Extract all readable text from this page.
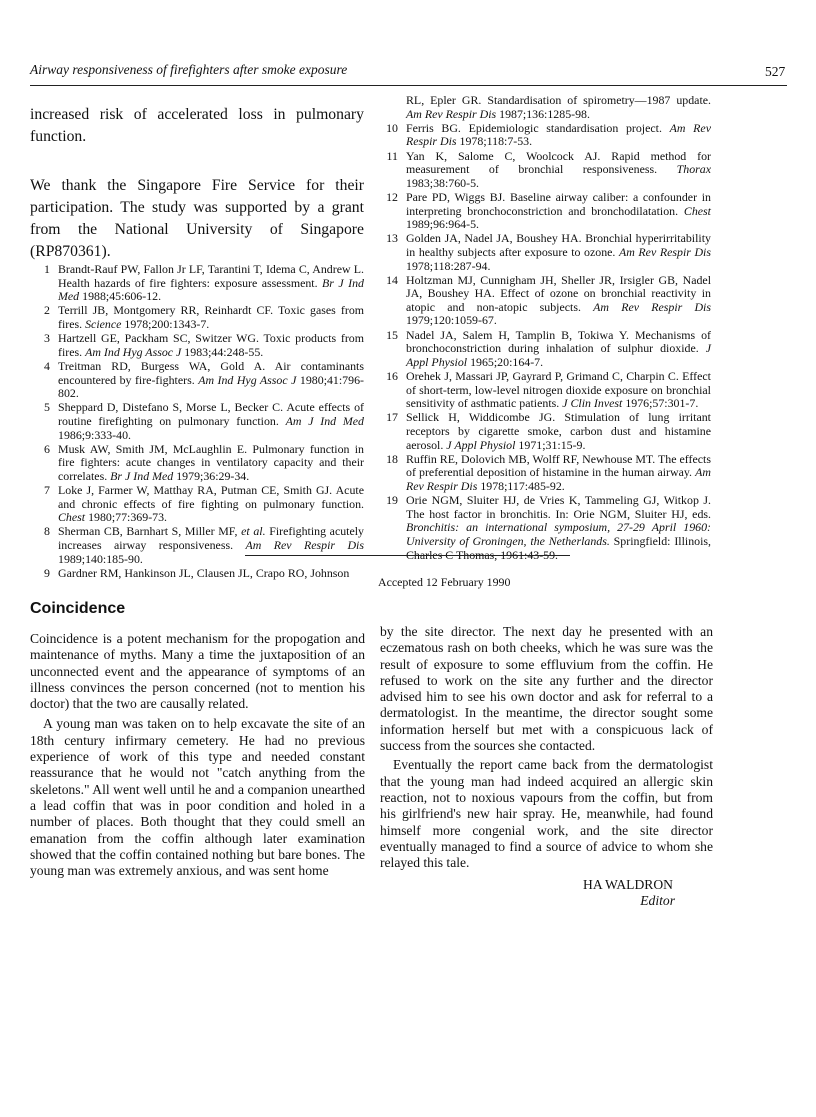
Airway responsiveness of firefighters after smoke exposure	527

increased risk of accelerated loss in pulmonary function.

We thank the Singapore Fire Service for their participation. The study was supported by a grant from the National University of Singapore (RP870361).

1 Brandt-Rauf PW, Fallon Jr LF, Tarantini T, Idema C, Andrew L. Health hazards of fire fighters: exposure assessment. Br J Ind Med 1988;45:606-12.
2 Terrill JB, Montgomery RR, Reinhardt CF. Toxic gases from fires. Science 1978;200:1343-7.
3 Hartzell GE, Packham SC, Switzer WG. Toxic products from fires. Am Ind Hyg Assoc J 1983;44:248-55.
4 Treitman RD, Burgess WA, Gold A. Air contaminants encountered by fire-fighters. Am Ind Hyg Assoc J 1980;41:796-802.
5 Sheppard D, Distefano S, Morse L, Becker C. Acute effects of routine firefighting on pulmonary function. Am J Ind Med 1986;9:333-40.
6 Musk AW, Smith JM, McLaughlin E. Pulmonary function in fire fighters: acute changes in ventilatory capacity and their correlates. Br J Ind Med 1979;36:29-34.
7 Loke J, Farmer W, Matthay RA, Putman CE, Smith GJ. Acute and chronic effects of fire fighting on pulmonary function. Chest 1980;77:369-73.
8 Sherman CB, Barnhart S, Miller MF, et al. Firefighting acutely increases airway responsiveness. Am Rev Respir Dis 1989;140:185-90.
9 Gardner RM, Hankinson JL, Clausen JL, Crapo RO, Johnson
RL, Epler GR. Standardisation of spirometry—1987 update. Am Rev Respir Dis 1987;136:1285-98.
10 Ferris BG. Epidemiologic standardisation project. Am Rev Respir Dis 1978;118:7-53.
11 Yan K, Salome C, Woolcock AJ. Rapid method for measurement of bronchial responsiveness. Thorax 1983;38:760-5.
12 Pare PD, Wiggs BJ. Baseline airway caliber: a confounder in interpreting bronchoconstriction and bronchodilatation. Chest 1989;96:964-5.
13 Golden JA, Nadel JA, Boushey HA. Bronchial hyperirritability in healthy subjects after exposure to ozone. Am Rev Respir Dis 1978;118:287-94.
14 Holtzman MJ, Cunnigham JH, Sheller JR, Irsigler GB, Nadel JA, Boushey HA. Effect of ozone on bronchial reactivity in atopic and non-atopic subjects. Am Rev Respir Dis 1979;120:1059-67.
15 Nadel JA, Salem H, Tamplin B, Tokiwa Y. Mechanisms of bronchoconstriction during inhalation of sulphur dioxide. J Appl Physiol 1965;20:164-7.
16 Orehek J, Massari JP, Gayrard P, Grimand C, Charpin C. Effect of short-term, low-level nitrogen dioxide exposure on bronchial sensitivity of asthmatic patients. J Clin Invest 1976;57:301-7.
17 Sellick H, Widdicombe JG. Stimulation of lung irritant receptors by cigarette smoke, carbon dust and histamine aerosol. J Appl Physiol 1971;31:15-9.
18 Ruffin RE, Dolovich MB, Wolff RF, Newhouse MT. The effects of preferential deposition of histamine in the human airway. Am Rev Respir Dis 1978;117:485-92.
19 Orie NGM, Sluiter HJ, de Vries K, Tammeling GJ, Witkop J. The host factor in bronchitis. In: Orie NGM, Sluiter HJ, eds. Bronchitis: an international symposium, 27-29 April 1960: University of Groningen, the Netherlands. Springfield: Illinois, Charles C Thomas, 1961:43-59.
Accepted 12 February 1990
Coincidence

Coincidence is a potent mechanism for the propogation and maintenance of myths. Many a time the juxtaposition of an unconnected event and the appearance of symptoms of an illness convinces the person concerned (not to mention his doctor) that the two are causally related.

A young man was taken on to help excavate the site of an 18th century infirmary cemetery. He had no previous experience of work of this type and needed constant reassurance that he would not "catch anything from the skeletons." All went well until he and a companion unearthed a lead coffin that was in poor condition and holed in a number of places. Both thought that they could smell an emanation from the coffin although later examination showed that the coffin contained nothing but bare bones. The young man was extremely anxious, and was sent home

by the site director. The next day he presented with an eczematous rash on both cheeks, which he was sure was the result of exposure to some effluvium from the coffin. He refused to work on the site any further and the director advised him to see his own doctor and ask for referral to a dermatologist. In the meantime, the director sought some information herself but met with a conspicuous lack of success from the sources she contacted.

Eventually the report came back from the dermatologist that the young man had indeed acquired an allergic skin reaction, not to noxious vapours from the coffin, but from his girlfriend's new hair spray. He, meanwhile, had found himself more congenial work, and the site director eventually managed to find a source of advice to whom she relayed this tale.

HA WALDRON

Editor
